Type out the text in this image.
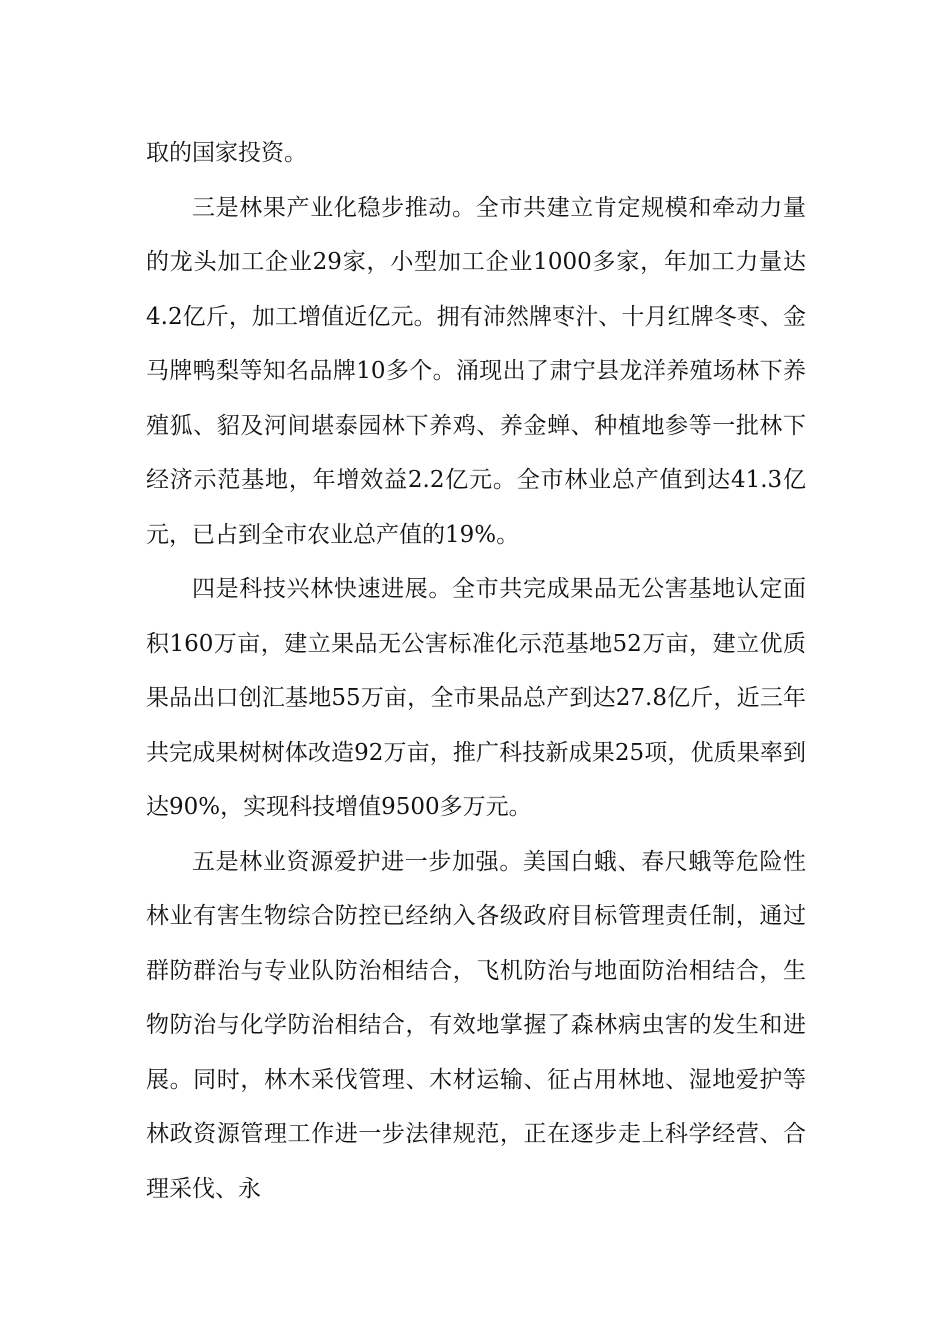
取的国家投资。

三是林果产业化稳步推动。全市共建立肯定规模和牵动力量的龙头加工企业29家，小型加工企业1000多家，年加工力量达4.2亿斤，加工增值近亿元。拥有沛然牌枣汁、十月红牌冬枣、金马牌鸭梨等知名品牌10多个。涌现出了肃宁县龙洋养殖场林下养殖狐、貂及河间堪泰园林下养鸡、养金蝉、种植地参等一批林下经济示范基地，年增效益2.2亿元。全市林业总产值到达41.3亿元，已占到全市农业总产值的19%。

四是科技兴林快速进展。全市共完成果品无公害基地认定面积160万亩，建立果品无公害标准化示范基地52万亩，建立优质果品出口创汇基地55万亩，全市果品总产到达27.8亿斤，近三年共完成果树树体改造92万亩，推广科技新成果25项，优质果率到达90%，实现科技增值9500多万元。

五是林业资源爱护进一步加强。美国白蛾、春尺蛾等危险性林业有害生物综合防控已经纳入各级政府目标管理责任制，通过群防群治与专业队防治相结合，飞机防治与地面防治相结合，生物防治与化学防治相结合，有效地掌握了森林病虫害的发生和进展。同时，林木采伐管理、木材运输、征占用林地、湿地爱护等林政资源管理工作进一步法律规范，正在逐步走上科学经营、合理采伐、永
